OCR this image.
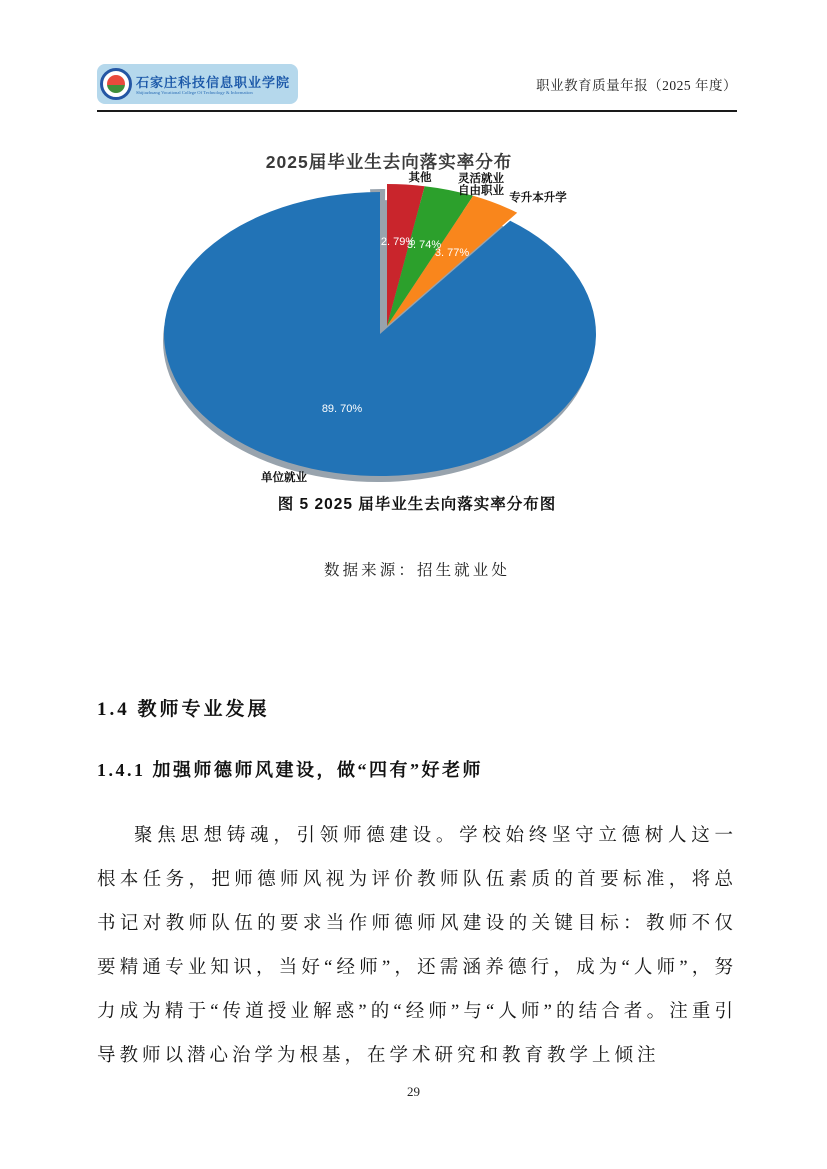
石家庄科技信息职业学院
Shijiazhuang Vocational College Of Technology & Information
职业教育质量年报（2025 年度）
2. 79%
3. 74%
3. 77%
89. 70%
其他 灵活就业自由职业
专升本升学
单位就业
2025届毕业生去向落实率分布
图 5 2025 届毕业生去向落实率分布图
数据来源：招生就业处
1.4 教师专业发展
1.4.1 加强师德师风建设，做“四有”好老师

聚焦思想铸魂，引领师德建设。学校始终坚守立德树人这一根本任务，把师德师风视为评价教师队伍素质的首要标准，将总书记对教师队伍的要求当作师德师风建设的关键目标：教师不仅要精通专业知识，当好“经师”，还需涵养德行，成为“人师”，努力成为精于“传道授业解惑”的“经师”与“人师”的结合者。注重引导教师以潜心治学为根基，在学术研究和教育教学上倾注

29
